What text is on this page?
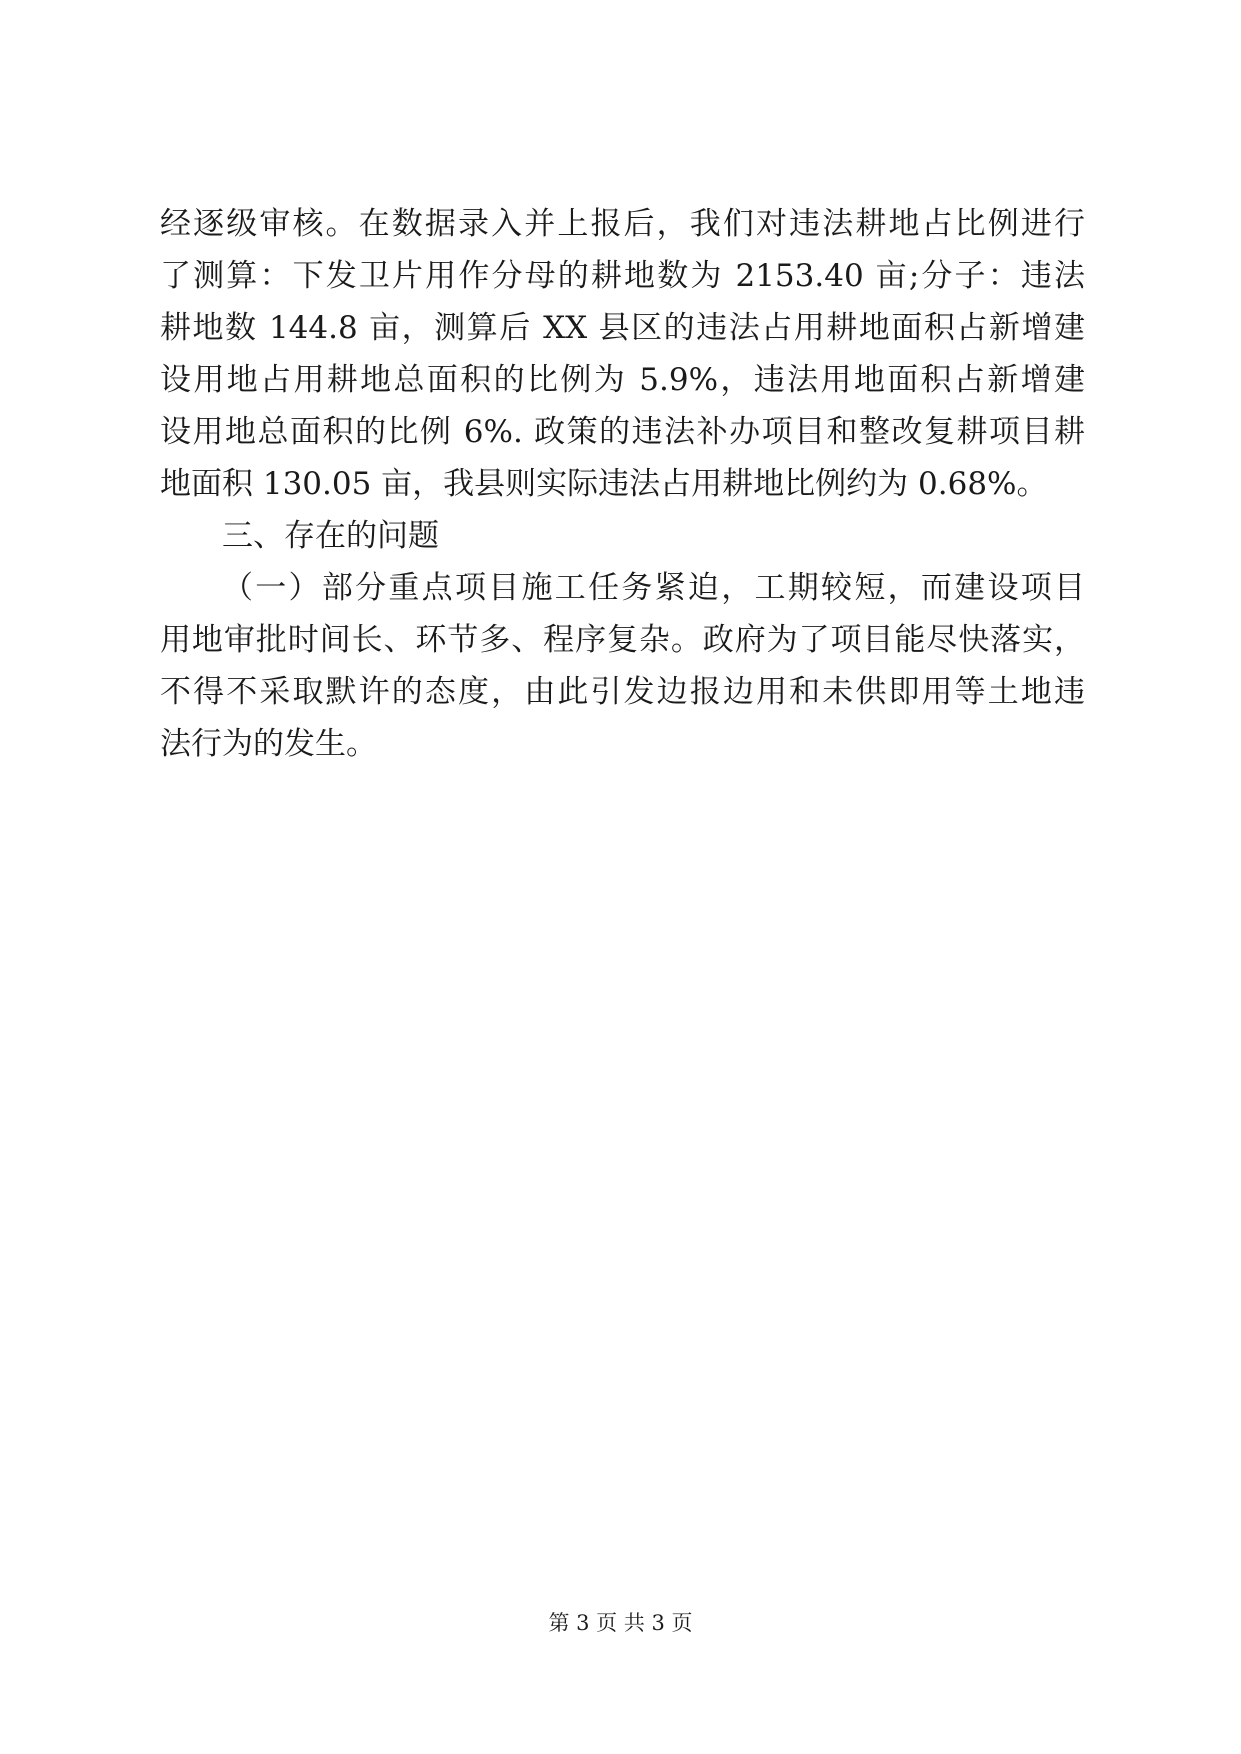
经逐级审核。在数据录入并上报后，我们对违法耕地占比例进行
了测算：下发卫片用作分母的耕地数为 2153.40 亩;分子：违法
耕地数 144.8 亩，测算后 XX 县区的违法占用耕地面积占新增建
设用地占用耕地总面积的比例为 5.9%，违法用地面积占新增建
设用地总面积的比例 6%. 政策的违法补办项目和整改复耕项目耕
地面积 130.05 亩，我县则实际违法占用耕地比例约为 0.68%。
三、存在的问题
（一）部分重点项目施工任务紧迫，工期较短，而建设项目
用地审批时间长、环节多、程序复杂。政府为了项目能尽快落实，
不得不采取默许的态度，由此引发边报边用和未供即用等土地违
法行为的发生。
第 3 页 共 3 页
